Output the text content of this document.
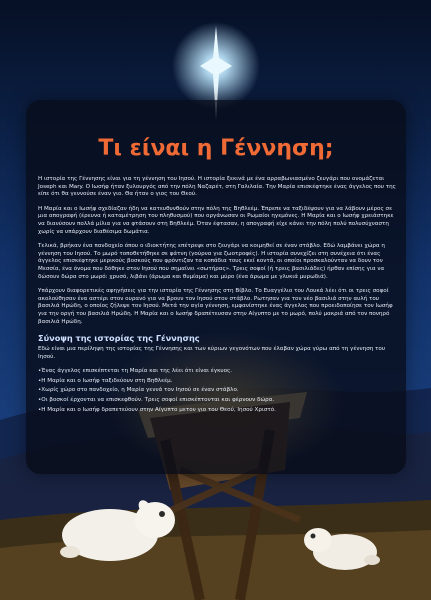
Τι είναι η Γέννηση;

Η ιστορία της Γέννησης είναι για τη γέννηση του Ιησού. Η ιστορία ξεκινά με ένα αρραβωνιασμένο ζευγάρι που ονομάζεται Joseph και Mary. Ο Ιωσήφ ήταν ξυλουργός από την πόλη Ναζαρέτ, στη Γαλιλαία. Την Μαρία επισκέφτηκε ένας άγγελος που της είπε ότι θα γεννούσε έναν γιο. Θα ήταν ο γιος του Θεού.

Η Μαρία και ο Ιωσήφ σχεδίαζαν ήδη να κατευθυνθούν στην πόλη της Βηθλεέμ. Έπρεπε να ταξιδέψουν για να λάβουν μέρος σε μια απογραφή (έρευνα ή καταμέτρηση του πληθυσμού) που οργάνωσαν οι Ρωμαίοι ηγεμόνες. Η Μαρία και ο Ιωσήφ χρειάστηκε να διανύσουν πολλά μίλια για να φτάσουν στη Βηθλεέμ. Όταν έφτασαν, η απογραφή είχε κάνει την πόλη πολύ πολυσύχναστη χωρίς να υπάρχουν διαθέσιμα δωμάτια.

Τελικά, βρήκαν ένα πανδοχείο όπου ο ιδιοκτήτης επέτρεψε στο ζευγάρι να κοιμηθεί σε έναν στάβλο. Εδώ λαμβάνει χώρα η γέννηση του Ιησού. Το μωρό τοποθετήθηκε σε φάτνη (γούρνα για ζωοτροφές). Η ιστορία συνεχίζει στη συνέχεια ότι ένας άγγελος επισκέφτηκε μερικούς βοσκούς που φρόντιζαν τα κοπάδια τους εκεί κοντά, οι οποίοι προσκαλούνταν να δουν τον Μεσσία, ένα όνομα που δόθηκε στον Ιησού που σημαίνει «σωτήρας». Τρεις σοφοί (ή τρεις βασιλιάδες) ήρθαν επίσης για να δώσουν δώρα στο μωρό: χρυσό, λιβάνι (άρωμα και θυμίαμα) και μύρο (ένα άρωμα με γλυκιά μυρωδιά).

Υπάρχουν διαφορετικές αφηγήσεις για την ιστορία της Γέννησης στη Βίβλο. Το Ευαγγέλιο του Λουκά λέει ότι οι τρεις σοφοί ακολούθησαν ένα αστέρι στον ουρανό για να βρουν τον Ιησού στον στάβλο. Ρωτησαν για τον νέο βασιλιά στην αυλή του βασιλιά Ηρώδη, ο οποίος ζήλεψε τον Ιησού. Μετά την αγία γέννηση, εμφανίστηκε ένας άγγελος που προειδοποίησε τον Ιωσήφ για την οργή του βασιλιά Ηρώδη. Η Μαρία και ο Ιωσήφ δραπέτευσαν στην Αίγυπτο με το μωρό, πολύ μακριά από τον πονηρό βασιλιά Ηρώδη.

Σύνοψη της ιστορίας της Γέννησης

Εδώ είναι μια περίληψη της ιστορίας της Γέννησης και των κύριων γεγονότων που έλαβαν χώρα γύρω από τη γέννηση του Ιησού.

•Ένας άγγελος επισκέπτεται τη Μαρία και της λέει ότι είναι έγκυος.
•Η Μαρία και ο Ιωσήφ ταξιδεύουν στη Βηθλεέμ.
•Χωρίς χώρο στο πανδοχείο, η Μαρία γεννά τον Ιησού σε έναν στάβλο.
•Οι βοσκοί έρχονται να επισκεφθούν. Τρεις σοφοί επισκέπτονται και φέρνουν δώρα.
•Η Μαρία και ο Ιωσήφ δραπετεύουν στην Αίγυπτο μετον γιο του Θεού, Ιησού Χριστό.
